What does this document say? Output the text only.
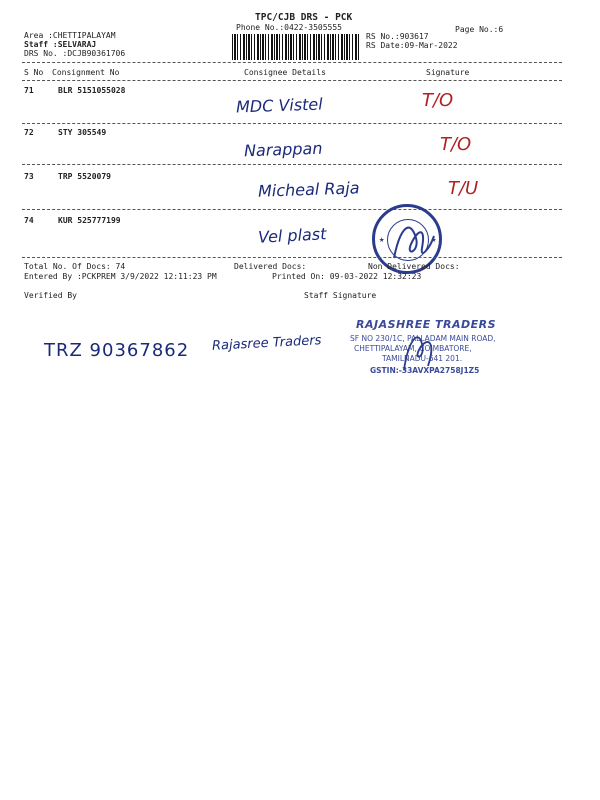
TPC/CJB DRS - PCK
Phone No.:0422-3505555	Page No.:6
Area :CHETTIPALAYAM
Staff :SELVARAJ
DRS No. :DCJB90361706
RS No.:903617
RS Date:09-Mar-2022
S No Consignment No	Consignee Details	Signature
71	BLR 5151055028
MDC Vistel	T/O
72	STY 305549
Narappan	T/O
73	TRP 5520079
Micheal Raja	T/U
74	KUR 525777199
Vel plast	★	★
Total No. Of Docs: 74	Delivered Docs:	Non Delivered Docs:
Entered By :PCKPREM 3/9/2022 12:11:23 PM	Printed On: 09-03-2022 12:32:23
Verified By	Staff Signature
TRZ 90367862 Rajasree Traders
RAJASHREE TRADERS
SF NO 230/1C, PALLADAM MAIN ROAD,
CHETTIPALAYAM, COIMBATORE,
TAMILNADU-641 201.
GSTIN:-33AVXPA2758J1Z5
